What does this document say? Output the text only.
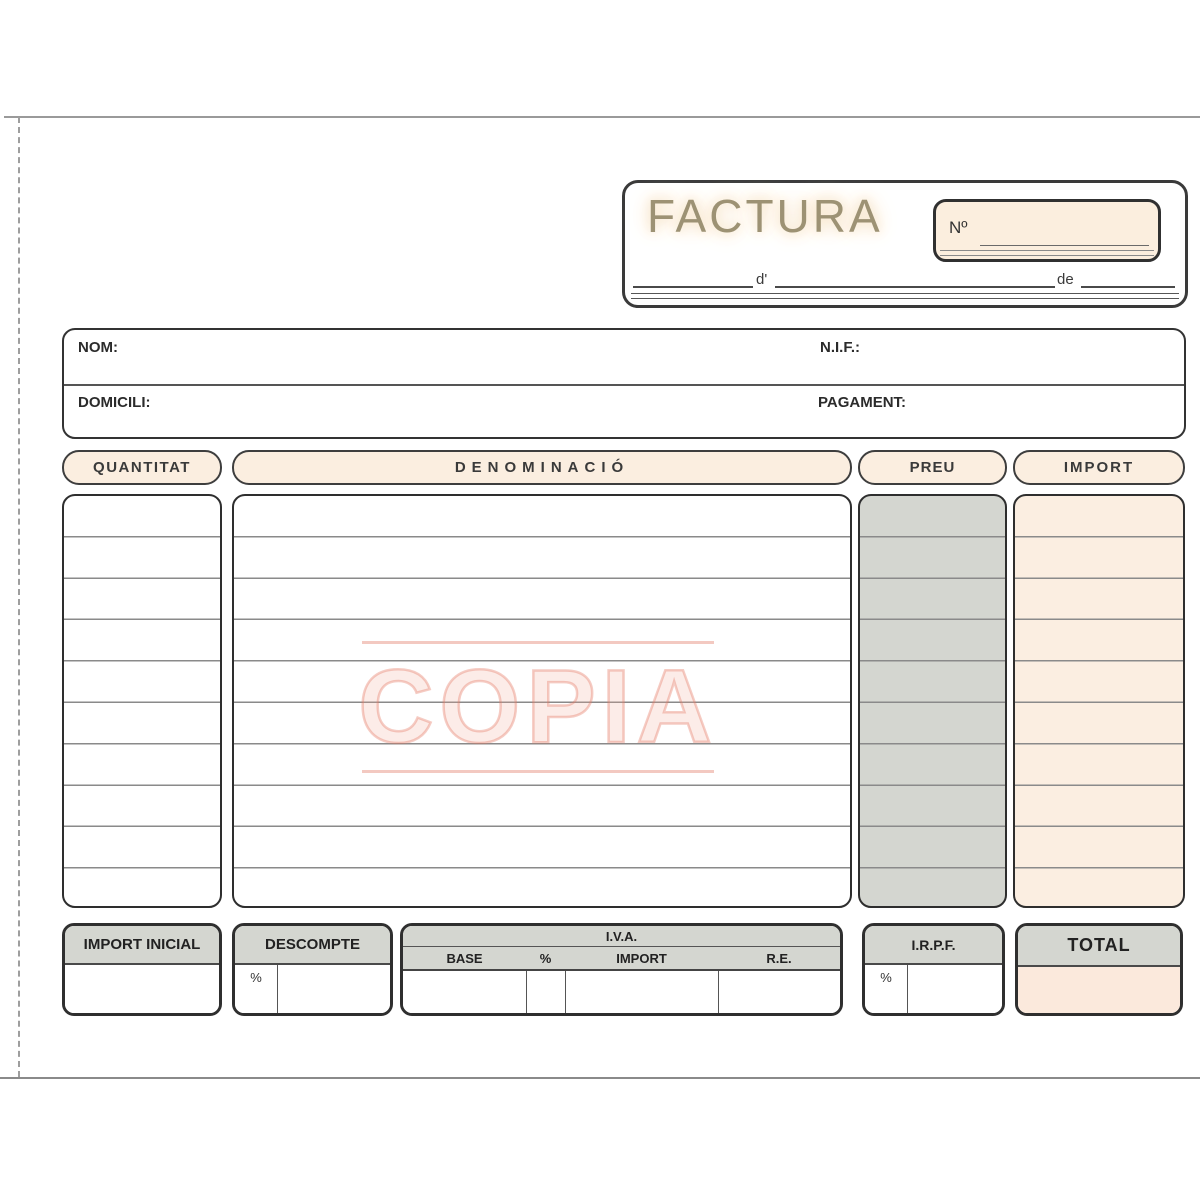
FACTURA	Nº
d'	de
NOM:	N.I.F.:
DOMICILI:	PAGAMENT:
QUANTITAT	DENOMINACIÓ	PREU	IMPORT
COPIA
IMPORT INICIAL	DESCOMPTE
%
I.V.A.
BASE	%	IMPORT	R.E.
I.R.P.F.
%
TOTAL
